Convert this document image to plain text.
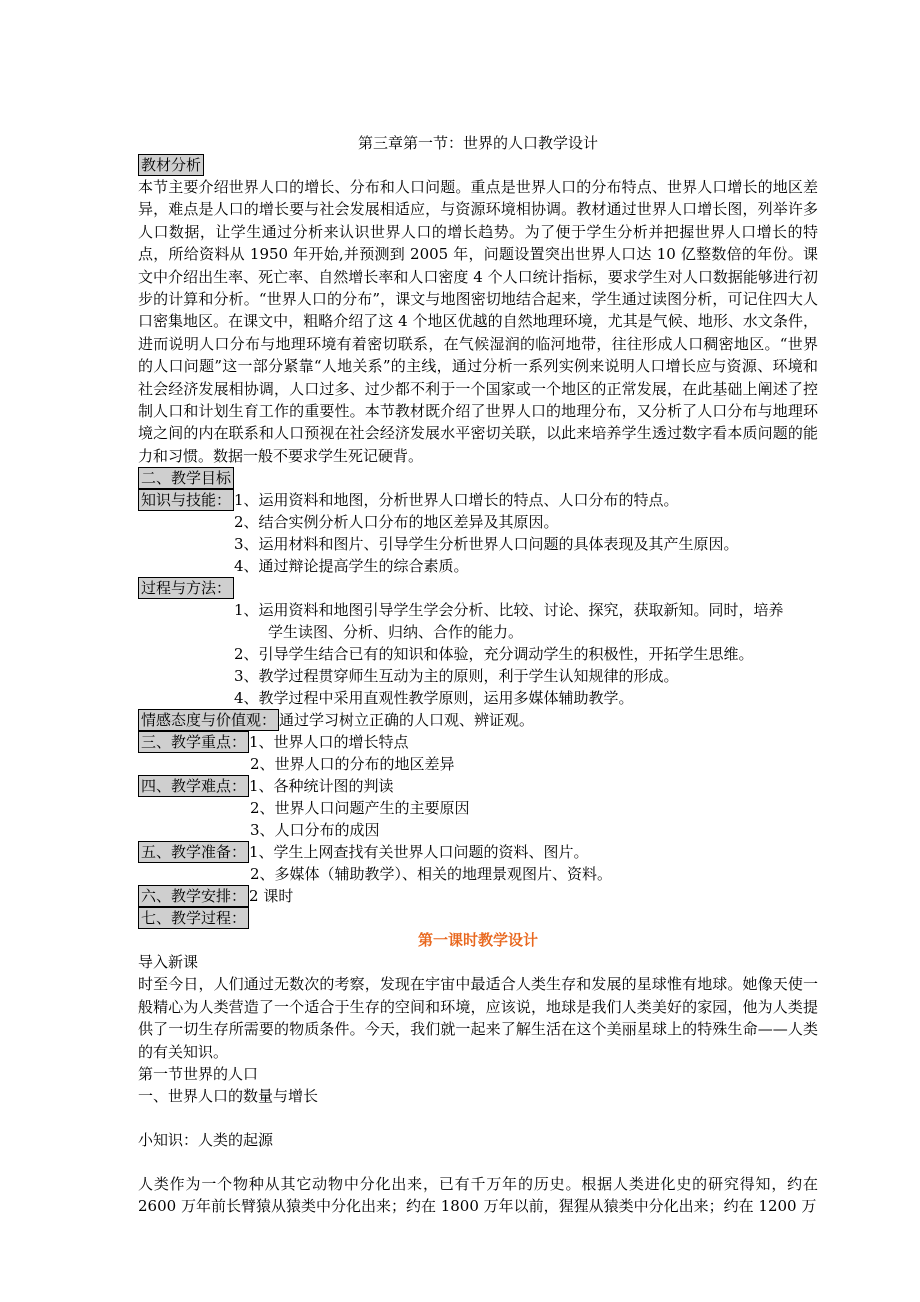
第三章第一节：世界的人口教学设计
教材分析

本节主要介绍世界人口的增长、分布和人口问题。重点是世界人口的分布特点、世界人口增长的地区差异，难点是人口的增长要与社会发展相适应，与资源环境相协调。教材通过世界人口增长图，列举许多人口数据，让学生通过分析来认识世界人口的增长趋势。为了便于学生分析并把握世界人口增长的特点，所给资料从 1950 年开始,并预测到 2005 年，问题设置突出世界人口达 10 亿整数倍的年份。课文中介绍出生率、死亡率、自然增长率和人口密度 4 个人口统计指标，要求学生对人口数据能够进行初步的计算和分析。“世界人口的分布”，课文与地图密切地结合起来，学生通过读图分析，可记住四大人口密集地区。在课文中，粗略介绍了这 4 个地区优越的自然地理环境，尤其是气候、地形、水文条件，进而说明人口分布与地理环境有着密切联系，在气候湿润的临河地带，往往形成人口稠密地区。“世界的人口问题”这一部分紧靠“人地关系”的主线，通过分析一系列实例来说明人口增长应与资源、环境和社会经济发展相协调，人口过多、过少都不利于一个国家或一个地区的正常发展，在此基础上阐述了控制人口和计划生育工作的重要性。本节教材既介绍了世界人口的地理分布，又分析了人口分布与地理环境之间的内在联系和人口预视在社会经济发展水平密切关联，以此来培养学生透过数字看本质问题的能力和习惯。数据一般不要求学生死记硬背。

二、教学目标
知识与技能： 1、运用资料和地图，分析世界人口增长的特点、人口分布的特点。
2、结合实例分析人口分布的地区差异及其原因。
3、运用材料和图片、引导学生分析世界人口问题的具体表现及其产生原因。
4、通过辩论提高学生的综合素质。
过程与方法：
1、运用资料和地图引导学生学会分析、比较、讨论、探究，获取新知。同时，培养
学生读图、分析、归纳、合作的能力。
2、引导学生结合已有的知识和体验，充分调动学生的积极性，开拓学生思维。
3、教学过程贯穿师生互动为主的原则，利于学生认知规律的形成。
4、教学过程中采用直观性教学原则，运用多媒体辅助教学。
情感态度与价值观： 通过学习树立正确的人口观、辨证观。
三、教学重点： 1、世界人口的增长特点
2、世界人口的分布的地区差异
四、教学难点： 1、各种统计图的判读
2、世界人口问题产生的主要原因
3、人口分布的成因
五、教学准备： 1、学生上网查找有关世界人口问题的资料、图片。
2、多媒体（辅助教学）、相关的地理景观图片、资料。
六、教学安排： 2 课时
七、教学过程：
第一课时教学设计
导入新课

时至今日，人们通过无数次的考察，发现在宇宙中最适合人类生存和发展的星球惟有地球。她像天使一般精心为人类营造了一个适合于生存的空间和环境，应该说，地球是我们人类美好的家园，他为人类提供了一切生存所需要的物质条件。今天，我们就一起来了解生活在这个美丽星球上的特殊生命——人类的有关知识。

第一节世界的人口
一、世界人口的数量与增长
小知识：人类的起源

人类作为一个物种从其它动物中分化出来，已有千万年的历史。根据人类进化史的研究得知，约在 2600 万年前长臂猿从猿类中分化出来；约在 1800 万年以前，猩猩从猿类中分化出来；约在 1200 万
